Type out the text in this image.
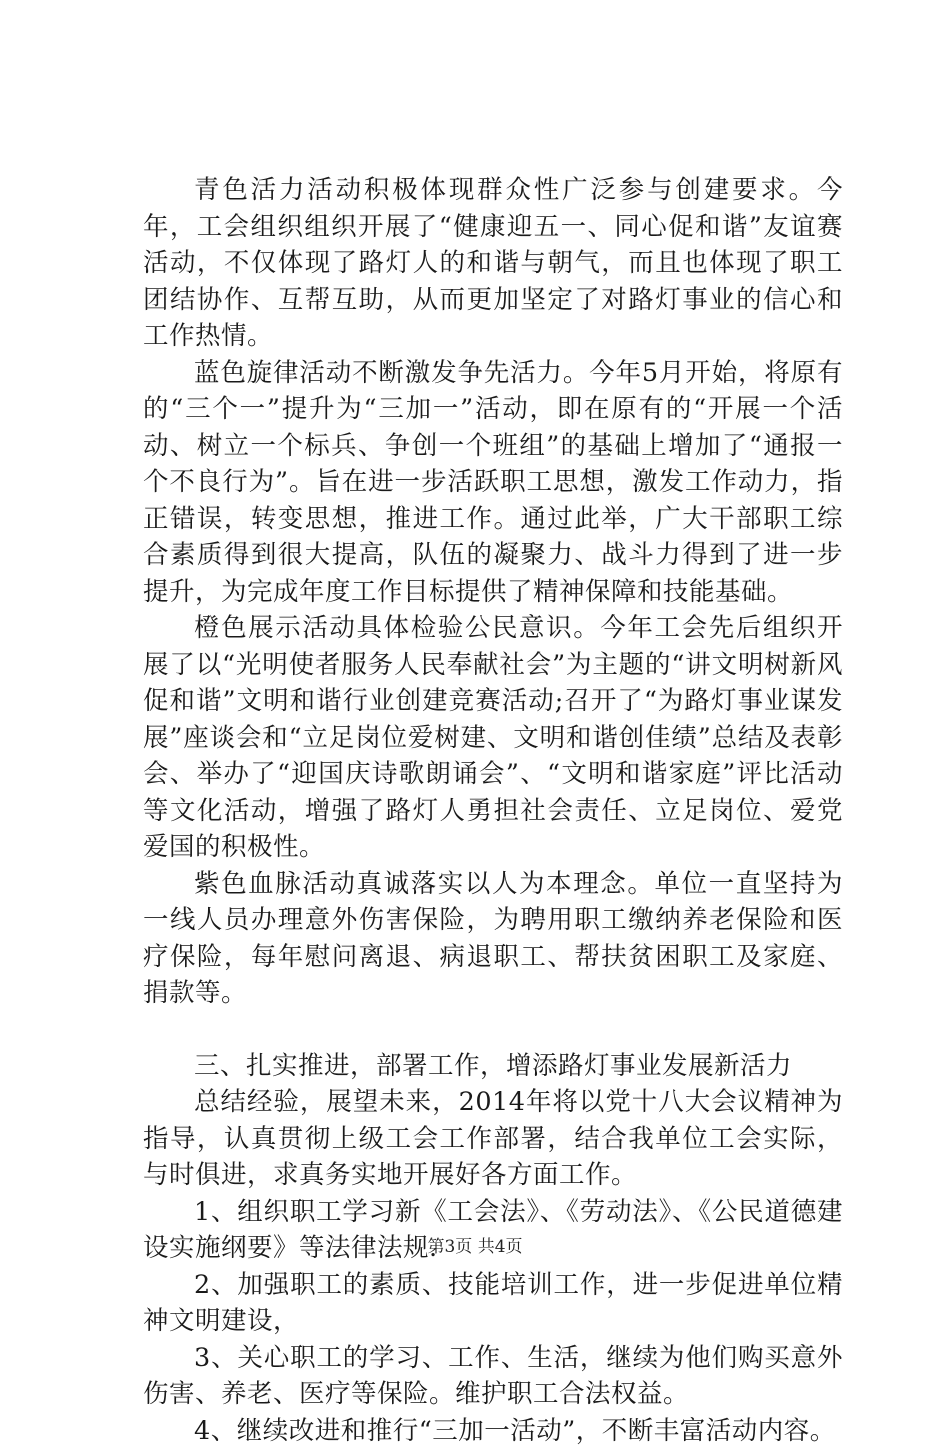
青色活力活动积极体现群众性广泛参与创建要求。今年，工会组织组织开展了“健康迎五一、同心促和谐”友谊赛活动，不仅体现了路灯人的和谐与朝气，而且也体现了职工团结协作、互帮互助，从而更加坚定了对路灯事业的信心和工作热情。

蓝色旋律活动不断激发争先活力。今年5月开始，将原有的“三个一”提升为“三加一”活动，即在原有的“开展一个活动、树立一个标兵、争创一个班组”的基础上增加了“通报一个不良行为”。旨在进一步活跃职工思想，激发工作动力，指正错误，转变思想，推进工作。通过此举，广大干部职工综合素质得到很大提高，队伍的凝聚力、战斗力得到了进一步提升，为完成年度工作目标提供了精神保障和技能基础。

橙色展示活动具体检验公民意识。今年工会先后组织开展了以“光明使者服务人民奉献社会”为主题的“讲文明树新风促和谐”文明和谐行业创建竞赛活动;召开了“为路灯事业谋发展”座谈会和“立足岗位爱树建、文明和谐创佳绩”总结及表彰会、举办了“迎国庆诗歌朗诵会”、“文明和谐家庭”评比活动等文化活动，增强了路灯人勇担社会责任、立足岗位、爱党爱国的积极性。

紫色血脉活动真诚落实以人为本理念。单位一直坚持为一线人员办理意外伤害保险，为聘用职工缴纳养老保险和医疗保险，每年慰问离退、病退职工、帮扶贫困职工及家庭、捐款等。

三、扎实推进，部署工作，增添路灯事业发展新活力

总结经验，展望未来，2014年将以党十八大会议精神为指导，认真贯彻上级工会工作部署，结合我单位工会实际，与时俱进，求真务实地开展好各方面工作。

1、组织职工学习新《工会法》、《劳动法》、《公民道德建设实施纲要》等法律法规.

2、加强职工的素质、技能培训工作，进一步促进单位精神文明建设，

3、关心职工的学习、工作、生活，继续为他们购买意外伤害、养老、医疗等保险。维护职工合法权益。

4、继续改进和推行“三加一活动”，不断丰富活动内容。

第3页 共4页
